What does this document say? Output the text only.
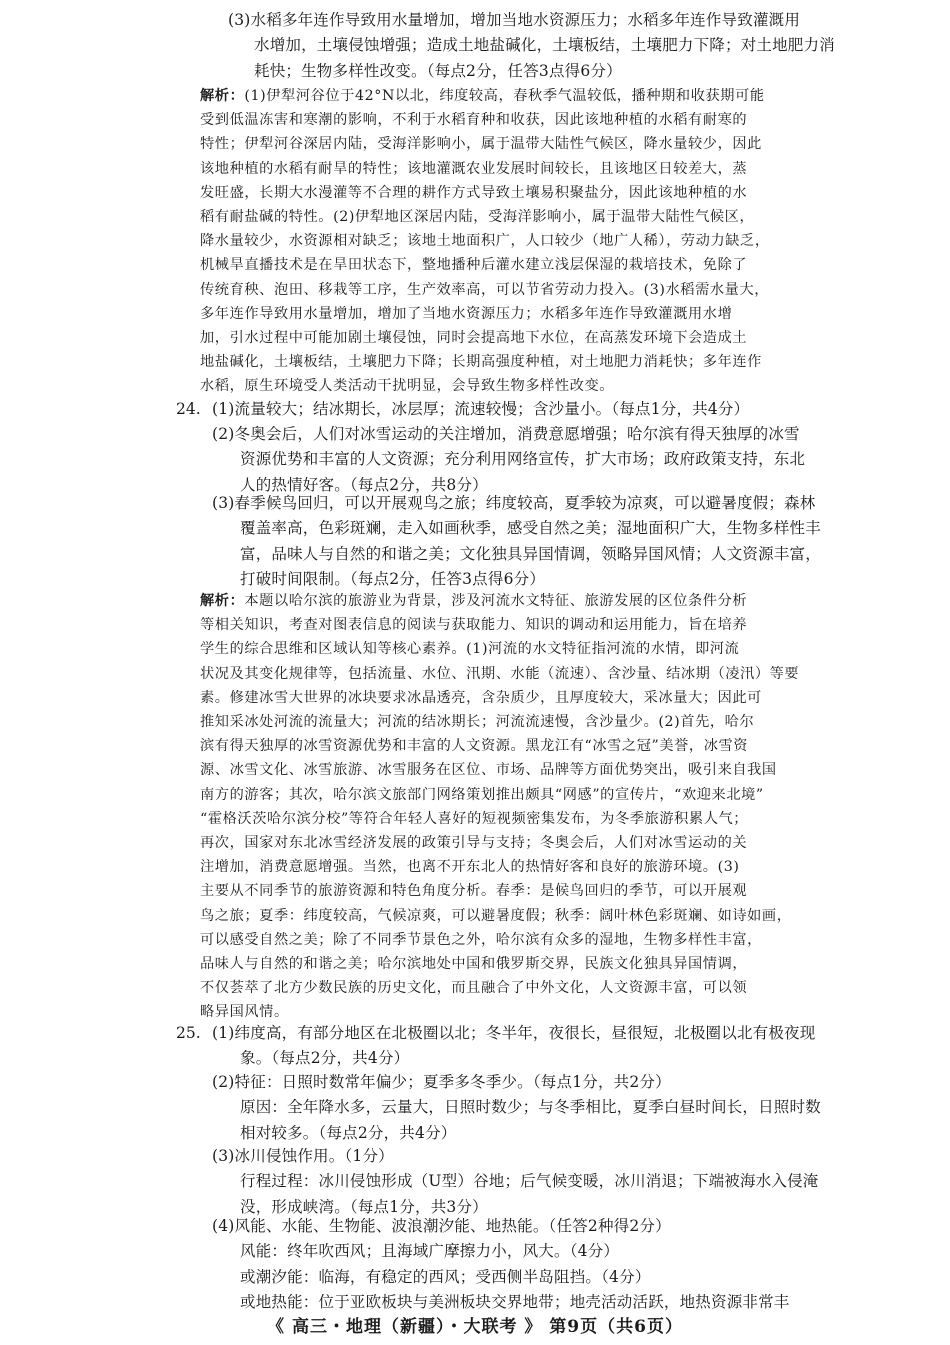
(3)水稻多年连作导致用水量增加，增加当地水资源压力；水稻多年连作导致灌溉用
水增加，土壤侵蚀增强；造成土地盐碱化，土壤板结，土壤肥力下降；对土地肥力消
耗快；生物多样性改变。（每点2分，任答3点得6分）
解析：(1)伊犁河谷位于42°N以北，纬度较高，春秋季气温较低，播种期和收获期可能
受到低温冻害和寒潮的影响，不利于水稻育种和收获，因此该地种植的水稻有耐寒的
特性；伊犁河谷深居内陆，受海洋影响小，属于温带大陆性气候区，降水量较少，因此
该地种植的水稻有耐旱的特性；该地灌溉农业发展时间较长，且该地区日较差大，蒸
发旺盛，长期大水漫灌等不合理的耕作方式导致土壤易积聚盐分，因此该地种植的水
稻有耐盐碱的特性。(2)伊犁地区深居内陆，受海洋影响小，属于温带大陆性气候区，
降水量较少，水资源相对缺乏；该地土地面积广，人口较少（地广人稀），劳动力缺乏，
机械旱直播技术是在旱田状态下，整地播种后灌水建立浅层保湿的栽培技术，免除了
传统育秧、泡田、移栽等工序，生产效率高，可以节省劳动力投入。(3)水稻需水量大，
多年连作导致用水量增加，增加了当地水资源压力；水稻多年连作导致灌溉用水增
加，引水过程中可能加剧土壤侵蚀，同时会提高地下水位，在高蒸发环境下会造成土
地盐碱化，土壤板结，土壤肥力下降；长期高强度种植，对土地肥力消耗快；多年连作
水稻，原生环境受人类活动干扰明显，会导致生物多样性改变。
24. (1)流量较大；结冰期长，冰层厚；流速较慢；含沙量小。（每点1分，共4分）
(2)冬奥会后，人们对冰雪运动的关注增加，消费意愿增强；哈尔滨有得天独厚的冰雪
资源优势和丰富的人文资源；充分利用网络宣传，扩大市场；政府政策支持，东北
人的热情好客。（每点2分，共8分）
(3)春季候鸟回归，可以开展观鸟之旅；纬度较高，夏季较为凉爽，可以避暑度假；森林
覆盖率高，色彩斑斓，走入如画秋季，感受自然之美；湿地面积广大，生物多样性丰
富，品味人与自然的和谐之美；文化独具异国情调，领略异国风情；人文资源丰富，
打破时间限制。（每点2分，任答3点得6分）
解析：本题以哈尔滨的旅游业为背景，涉及河流水文特征、旅游发展的区位条件分析
等相关知识，考查对图表信息的阅读与获取能力、知识的调动和运用能力，旨在培养
学生的综合思维和区域认知等核心素养。(1)河流的水文特征指河流的水情，即河流
状况及其变化规律等，包括流量、水位、汛期、水能（流速）、含沙量、结冰期（凌汛）等要
素。修建冰雪大世界的冰块要求冰晶透亮，含杂质少，且厚度较大，采冰量大；因此可
推知采冰处河流的流量大；河流的结冰期长；河流流速慢，含沙量少。(2)首先，哈尔
滨有得天独厚的冰雪资源优势和丰富的人文资源。黑龙江有“冰雪之冠”美誉，冰雪资
源、冰雪文化、冰雪旅游、冰雪服务在区位、市场、品牌等方面优势突出，吸引来自我国
南方的游客；其次，哈尔滨文旅部门网络策划推出颇具“网感”的宣传片，“欢迎来北境”
“霍格沃茨哈尔滨分校”等符合年轻人喜好的短视频密集发布，为冬季旅游积累人气；
再次，国家对东北冰雪经济发展的政策引导与支持；冬奥会后，人们对冰雪运动的关
注增加，消费意愿增强。当然，也离不开东北人的热情好客和良好的旅游环境。(3)
主要从不同季节的旅游资源和特色角度分析。春季：是候鸟回归的季节，可以开展观
鸟之旅；夏季：纬度较高，气候凉爽，可以避暑度假；秋季：阔叶林色彩斑斓、如诗如画，
可以感受自然之美；除了不同季节景色之外，哈尔滨有众多的湿地，生物多样性丰富，
品味人与自然的和谐之美；哈尔滨地处中国和俄罗斯交界，民族文化独具异国情调，
不仅荟萃了北方少数民族的历史文化，而且融合了中外文化，人文资源丰富，可以领
略异国风情。
25. (1)纬度高，有部分地区在北极圈以北；冬半年，夜很长，昼很短，北极圈以北有极夜现
象。（每点2分，共4分）
(2)特征：日照时数常年偏少；夏季多冬季少。（每点1分，共2分）
原因：全年降水多，云量大，日照时数少；与冬季相比，夏季白昼时间长，日照时数
相对较多。（每点2分，共4分）
(3)冰川侵蚀作用。（1分）
行程过程：冰川侵蚀形成（U型）谷地；后气候变暖，冰川消退；下端被海水入侵淹
没，形成峡湾。（每点1分，共3分）
(4)风能、水能、生物能、波浪潮汐能、地热能。（任答2种得2分）
风能：终年吹西风；且海域广摩擦力小，风大。（4分）
或潮汐能：临海，有稳定的西风；受西侧半岛阻挡。（4分）
或地热能：位于亚欧板块与美洲板块交界地带；地壳活动活跃，地热资源非常丰
《 高三・地理（新疆）・大联考 》 第9页（共6页）
